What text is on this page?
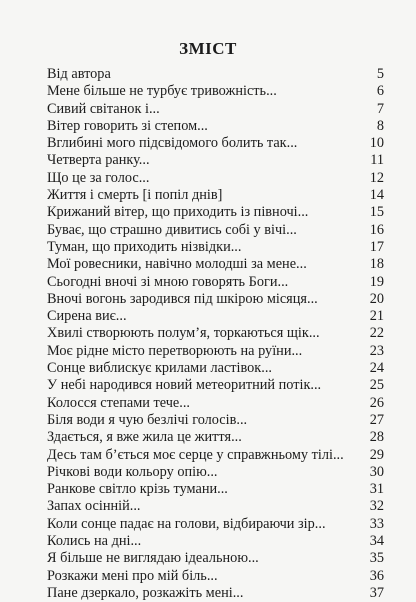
ЗМІСТ
Від автора	5
Мене більше не турбує тривожність...	6
Сивий світанок і...	7
Вітер говорить зі степом...	8
Вглибині мого підсвідомого болить так...	10
Четверта ранку...	11
Що це за голос...	12
Життя і смерть [і попіл днів]	14
Крижаний вітер, що приходить із півночі...	15
Буває, що страшно дивитись собі у вічі...	16
Туман, що приходить нізвідки...	17
Мої ровесники, навічно молодші за мене...	18
Сьогодні вночі зі мною говорять Боги...	19
Вночі вогонь зародився під шкірою місяця...	20
Сирена виє...	21
Хвилі створюють полум’я, торкаються щік...	22
Моє рідне місто перетворюють на руїни...	23
Сонце виблискує крилами ластівок...	24
У небі народився новий метеоритний потік...	25
Колосся степами тече...	26
Біля води я чую безлічі голосів...	27
Здається, я вже жила це життя...	28
Десь там б’ється моє серце у справжньому тілі... 29
Річкові води кольору опію...	30
Ранкове світло крізь тумани...	31
Запах осінній...	32
Коли сонце падає на голови, відбираючи зір...	33
Колись на дні...	34
Я більше не виглядаю ідеальною...	35
Розкажи мені про мій біль...	36
Пане дзеркало, розкажіть мені...	37
